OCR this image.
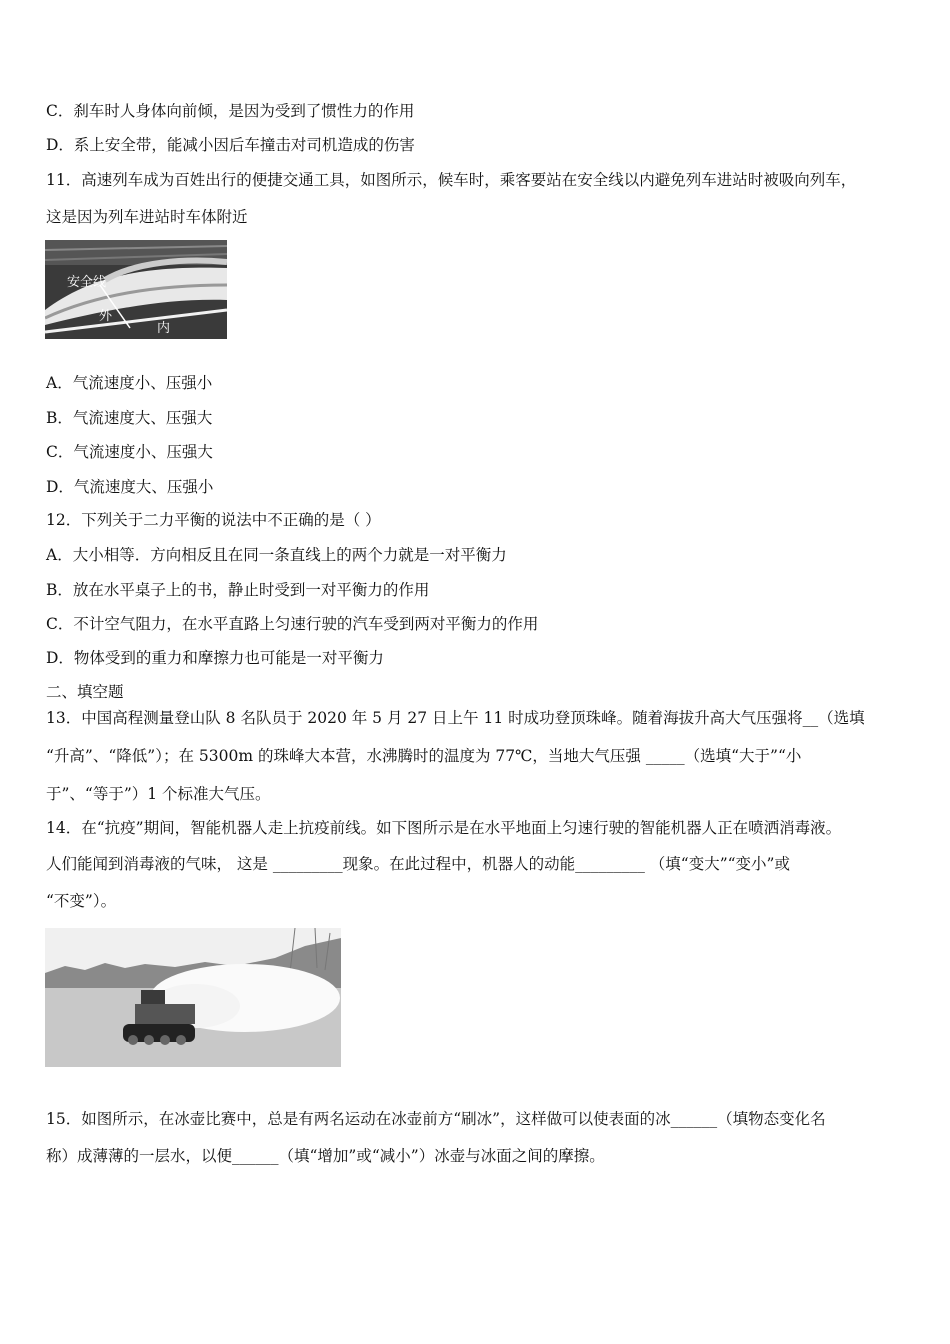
C．刹车时人身体向前倾，是因为受到了惯性力的作用
D．系上安全带，能减小因后车撞击对司机造成的伤害
11．高速列车成为百姓出行的便捷交通工具，如图所示，候车时，乘客要站在安全线以内避免列车进站时被吸向列车，
这是因为列车进站时车体附近
安全线
外
内
A．气流速度小、压强小
B．气流速度大、压强大
C．气流速度小、压强大
D．气流速度大、压强小
12．下列关于二力平衡的说法中不正确的是（ ）
A．大小相等．方向相反且在同一条直线上的两个力就是一对平衡力
B．放在水平桌子上的书，静止时受到一对平衡力的作用
C．不计空气阻力，在水平直路上匀速行驶的汽车受到两对平衡力的作用
D．物体受到的重力和摩擦力也可能是一对平衡力
二、填空题
13．中国高程测量登山队 8 名队员于 2020 年 5 月 27 日上午 11 时成功登顶珠峰。随着海拔升高大气压强将__（选填
“升高”、“降低”）；在 5300m 的珠峰大本营，水沸腾时的温度为 77℃，当地大气压强 _____（选填“大于”“小
于”、“等于”）1 个标准大气压。
14．在“抗疫”期间，智能机器人走上抗疫前线。如下图所示是在水平地面上匀速行驶的智能机器人正在喷洒消毒液。
人们能闻到消毒液的气味， 这是 _________现象。在此过程中，机器人的动能_________ （填“变大”“变小”或
“不变”）。
15．如图所示，在冰壶比赛中，总是有两名运动在冰壶前方“刷冰”，这样做可以使表面的冰______（填物态变化名
称）成薄薄的一层水，以便______（填“增加”或“减小”）冰壶与冰面之间的摩擦。
